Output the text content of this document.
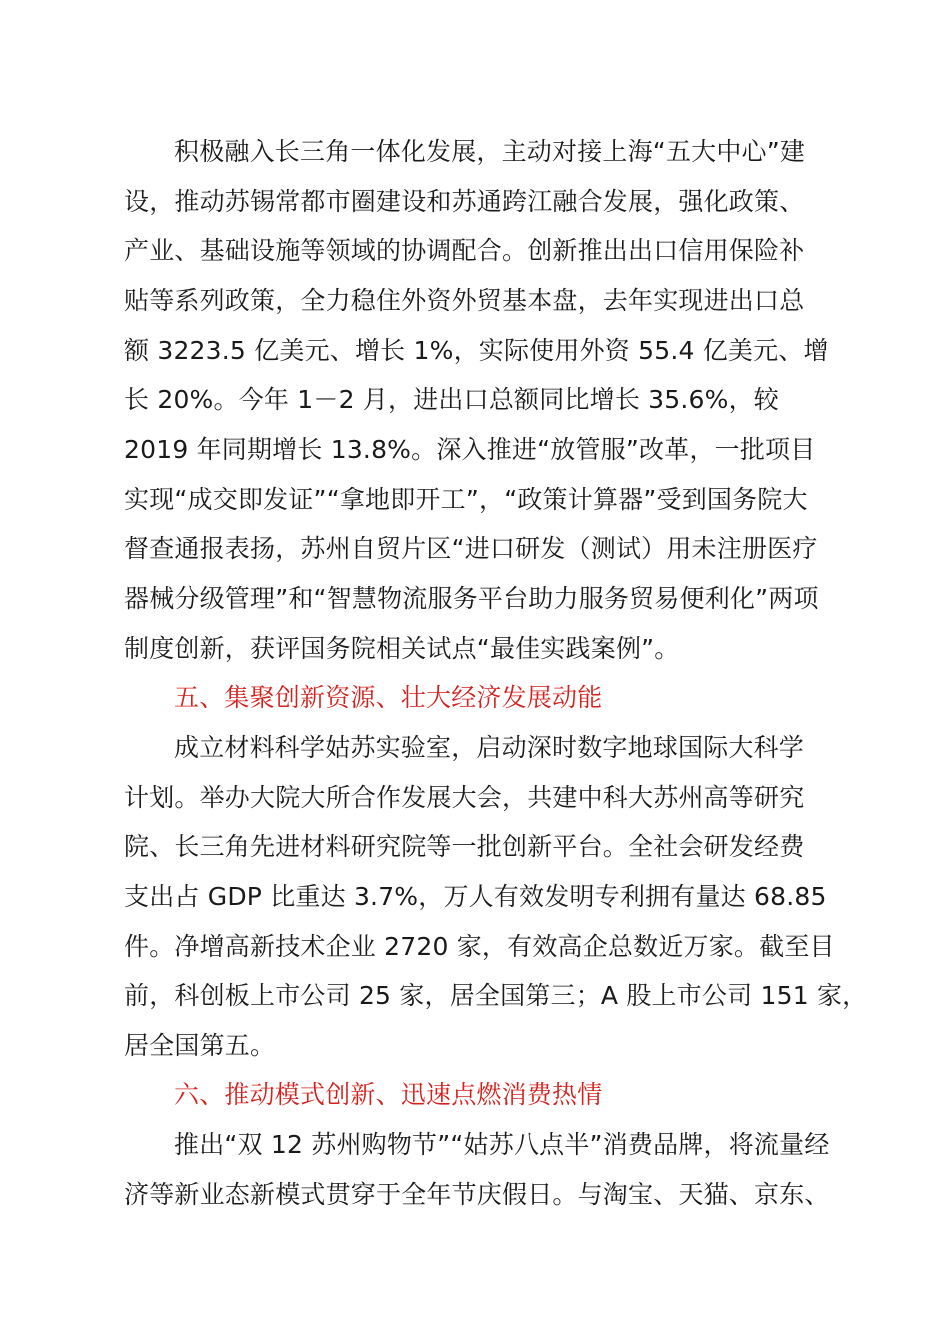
积极融入长三角一体化发展，主动对接上海“五大中心”建
设，推动苏锡常都市圈建设和苏通跨江融合发展，强化政策、
产业、基础设施等领域的协调配合。创新推出出口信用保险补
贴等系列政策，全力稳住外资外贸基本盘，去年实现进出口总
额 3223.5 亿美元、增长 1%，实际使用外资 55.4 亿美元、增
长 20%。今年 1－2 月，进出口总额同比增长 35.6%，较
2019 年同期增长 13.8%。深入推进“放管服”改革，一批项目
实现“成交即发证”“拿地即开工”，“政策计算器”受到国务院大
督查通报表扬，苏州自贸片区“进口研发（测试）用未注册医疗
器械分级管理”和“智慧物流服务平台助力服务贸易便利化”两项
制度创新，获评国务院相关试点“最佳实践案例”。
五、集聚创新资源、壮大经济发展动能
成立材料科学姑苏实验室，启动深时数字地球国际大科学
计划。举办大院大所合作发展大会，共建中科大苏州高等研究
院、长三角先进材料研究院等一批创新平台。全社会研发经费
支出占 GDP 比重达 3.7%，万人有效发明专利拥有量达 68.85
件。净增高新技术企业 2720 家，有效高企总数近万家。截至目
前，科创板上市公司 25 家，居全国第三；A 股上市公司 151 家，
居全国第五。
六、推动模式创新、迅速点燃消费热情
推出“双 12 苏州购物节”“姑苏八点半”消费品牌，将流量经
济等新业态新模式贯穿于全年节庆假日。与淘宝、天猫、京东、
